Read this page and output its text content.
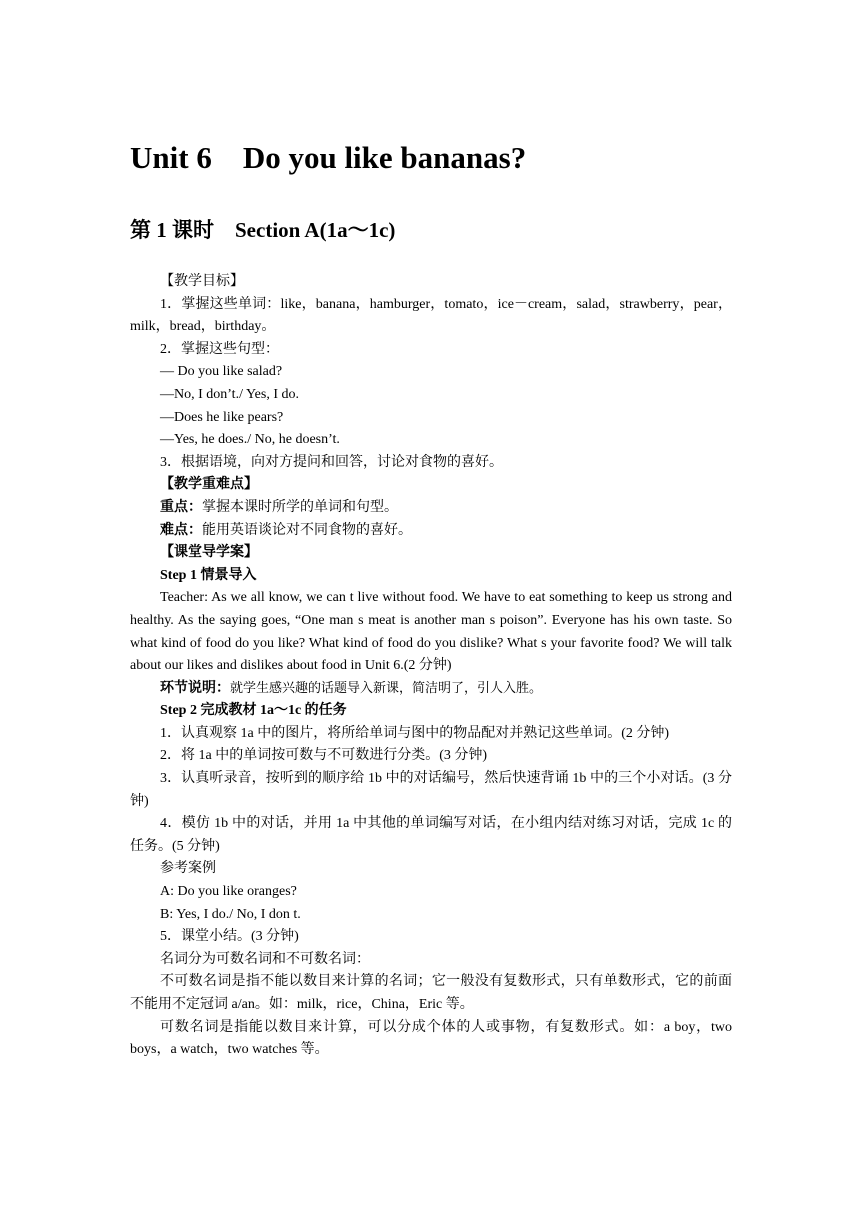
Unit 6    Do you like bananas?
第 1 课时    Section A(1a～1c)

【教学目标】

1．掌握这些单词：like，banana，hamburger，tomato，ice－cream，salad，strawberry，pear，milk，bread，birthday。

2．掌握这些句型：

— Do you like salad?

—No, I don’t./ Yes, I do.

—Does he like pears?

—Yes, he does./ No, he doesn’t.

3．根据语境，向对方提问和回答，讨论对食物的喜好。

【教学重难点】

重点：掌握本课时所学的单词和句型。

难点：能用英语谈论对不同食物的喜好。

【课堂导学案】

Step 1 情景导入

Teacher: As we all know, we can t live without food. We have to eat something to keep us strong and healthy. As the saying goes, “One man s meat is another man s poison”. Everyone has his own taste. So what kind of food do you like? What kind of food do you dislike? What s your favorite food? We will talk about our likes and dislikes about food in Unit 6.(2 分钟)

环节说明：就学生感兴趣的话题导入新课，简洁明了，引人入胜。

Step 2 完成教材 1a～1c 的任务

1．认真观察 1a 中的图片，将所给单词与图中的物品配对并熟记这些单词。(2 分钟)

2．将 1a 中的单词按可数与不可数进行分类。(3 分钟)

3．认真听录音，按听到的顺序给 1b 中的对话编号，然后快速背诵 1b 中的三个小对话。(3 分钟)

4．模仿 1b 中的对话，并用 1a 中其他的单词编写对话，在小组内结对练习对话，完成 1c 的任务。(5 分钟)

参考案例

A: Do you like oranges?

B: Yes, I do./ No, I don t.

5．课堂小结。(3 分钟)

名词分为可数名词和不可数名词：

不可数名词是指不能以数目来计算的名词；它一般没有复数形式，只有单数形式，它的前面不能用不定冠词 a/an。如：milk，rice，China，Eric 等。

可数名词是指能以数目来计算，可以分成个体的人或事物，有复数形式。如：a boy，two boys，a watch，two watches 等。
